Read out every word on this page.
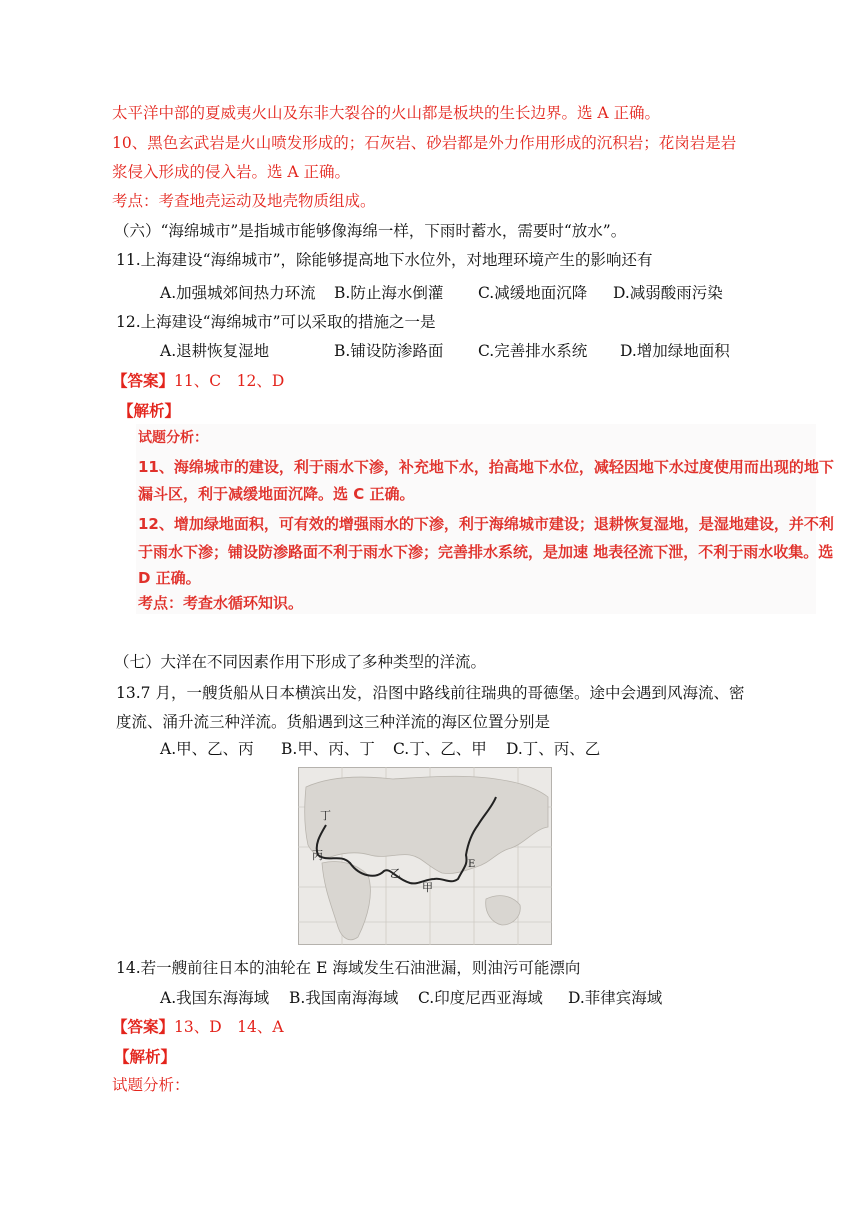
太平洋中部的夏威夷火山及东非大裂谷的火山都是板块的生长边界。选 A 正确。
10、黑色玄武岩是火山喷发形成的；石灰岩、砂岩都是外力作用形成的沉积岩；花岗岩是岩
浆侵入形成的侵入岩。选 A 正确。
考点：考查地壳运动及地壳物质组成。
（六）“海绵城市”是指城市能够像海绵一样，下雨时蓄水，需要时“放水”。
11.上海建设“海绵城市”，除能够提高地下水位外，对地理环境产生的影响还有
A.加强城郊间热力环流 B.防止海水倒灌 C.减缓地面沉降 D.减弱酸雨污染
12.上海建设“海绵城市”可以采取的措施之一是
A.退耕恢复湿地	B.铺设防渗路面 C.完善排水系统 D.增加绿地面积
【答案】11、C　12、D
【解析】
试题分析：
11、海绵城市的建设，利于雨水下渗，补充地下水，抬高地下水位，减轻因地下水过度使用而出现的地下
漏斗区，利于减缓地面沉降。选 C 正确。
12、增加绿地面积，可有效的增强雨水的下渗，利于海绵城市建设；退耕恢复湿地，是湿地建设，并不利
于雨水下渗；铺设防渗路面不利于雨水下渗；完善排水系统，是加速 地表径流下泄，不利于雨水收集。选
D 正确。
考点：考查水循环知识。
（七）大洋在不同因素作用下形成了多种类型的洋流。
13.7 月，一艘货船从日本横滨出发，沿图中路线前往瑞典的哥德堡。途中会遇到风海流、密
度流、涌升流三种洋流。货船遇到这三种洋流的海区位置分别是
A.甲、乙、丙 B.甲、丙、丁 C.丁、乙、甲 D.丁、丙、乙
丁
丙
乙
甲
E
14.若一艘前往日本的油轮在 E 海域发生石油泄漏，则油污可能漂向
A.我国东海海域 B.我国南海海域 C.印度尼西亚海域 D.菲律宾海域
【答案】13、D　14、A
【解析】
试题分析：
